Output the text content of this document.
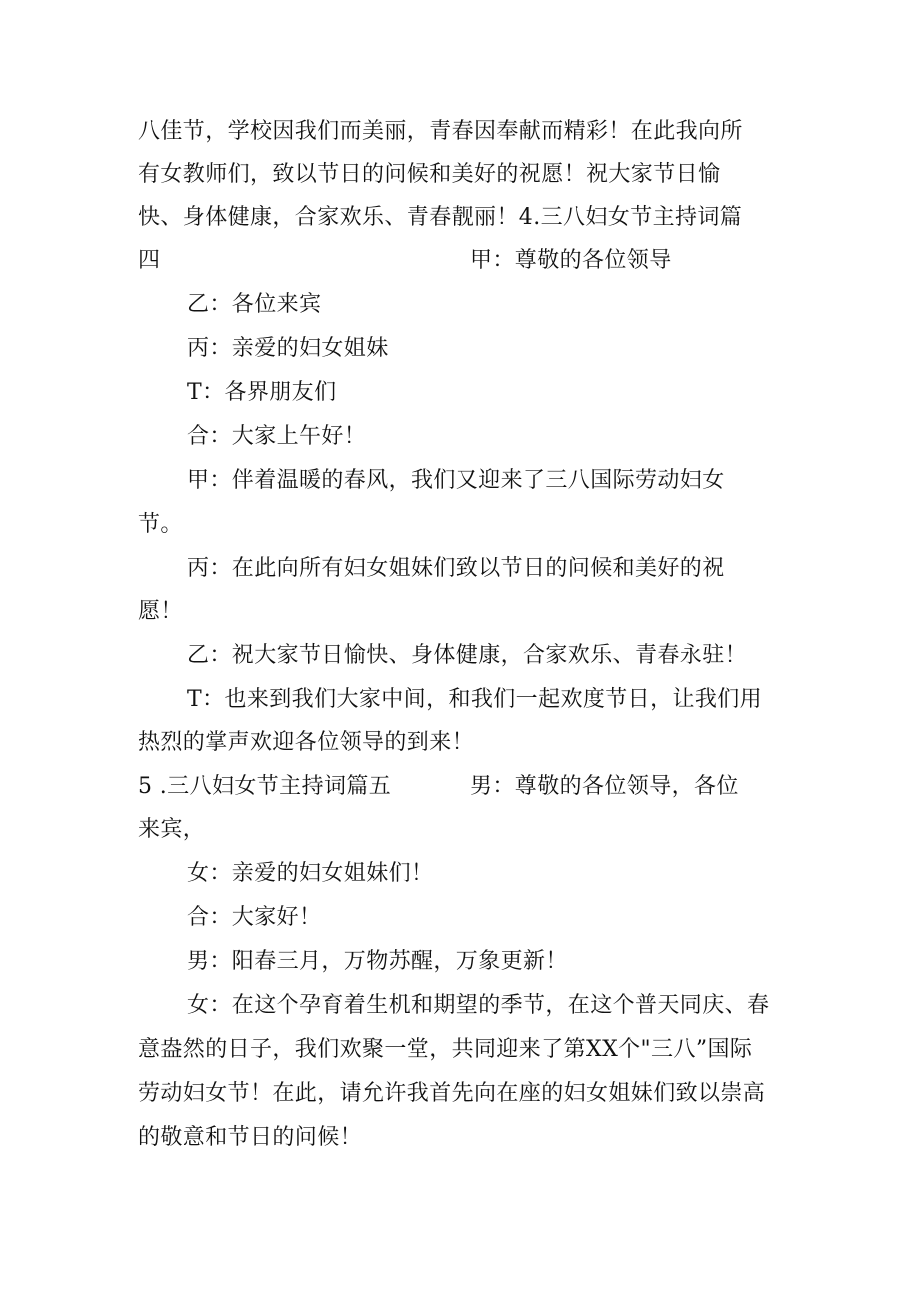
八佳节，学校因我们而美丽，青春因奉献而精彩！在此我向所
有女教师们，致以节日的问候和美好的祝愿！祝大家节日愉
快、身体健康，合家欢乐、青春靓丽！4.三八妇女节主持词篇
四	甲：尊敬的各位领导
乙：各位来宾
丙：亲爱的妇女姐妹
T：各界朋友们
合：大家上午好！
甲：伴着温暖的春风，我们又迎来了三八国际劳动妇女
节。
丙：在此向所有妇女姐妹们致以节日的问候和美好的祝
愿！
乙：祝大家节日愉快、身体健康，合家欢乐、青春永驻！
T：也来到我们大家中间，和我们一起欢度节日，让我们用
热烈的掌声欢迎各位领导的到来！
5 .三八妇女节主持词篇五	男：尊敬的各位领导，各位
来宾，
女：亲爱的妇女姐妹们！
合：大家好！
男：阳春三月，万物苏醒，万象更新！
女：在这个孕育着生机和期望的季节，在这个普天同庆、春
意盎然的日子，我们欢聚一堂，共同迎来了第XX个"三八”国际
劳动妇女节！在此，请允许我首先向在座的妇女姐妹们致以崇高
的敬意和节日的问候！
